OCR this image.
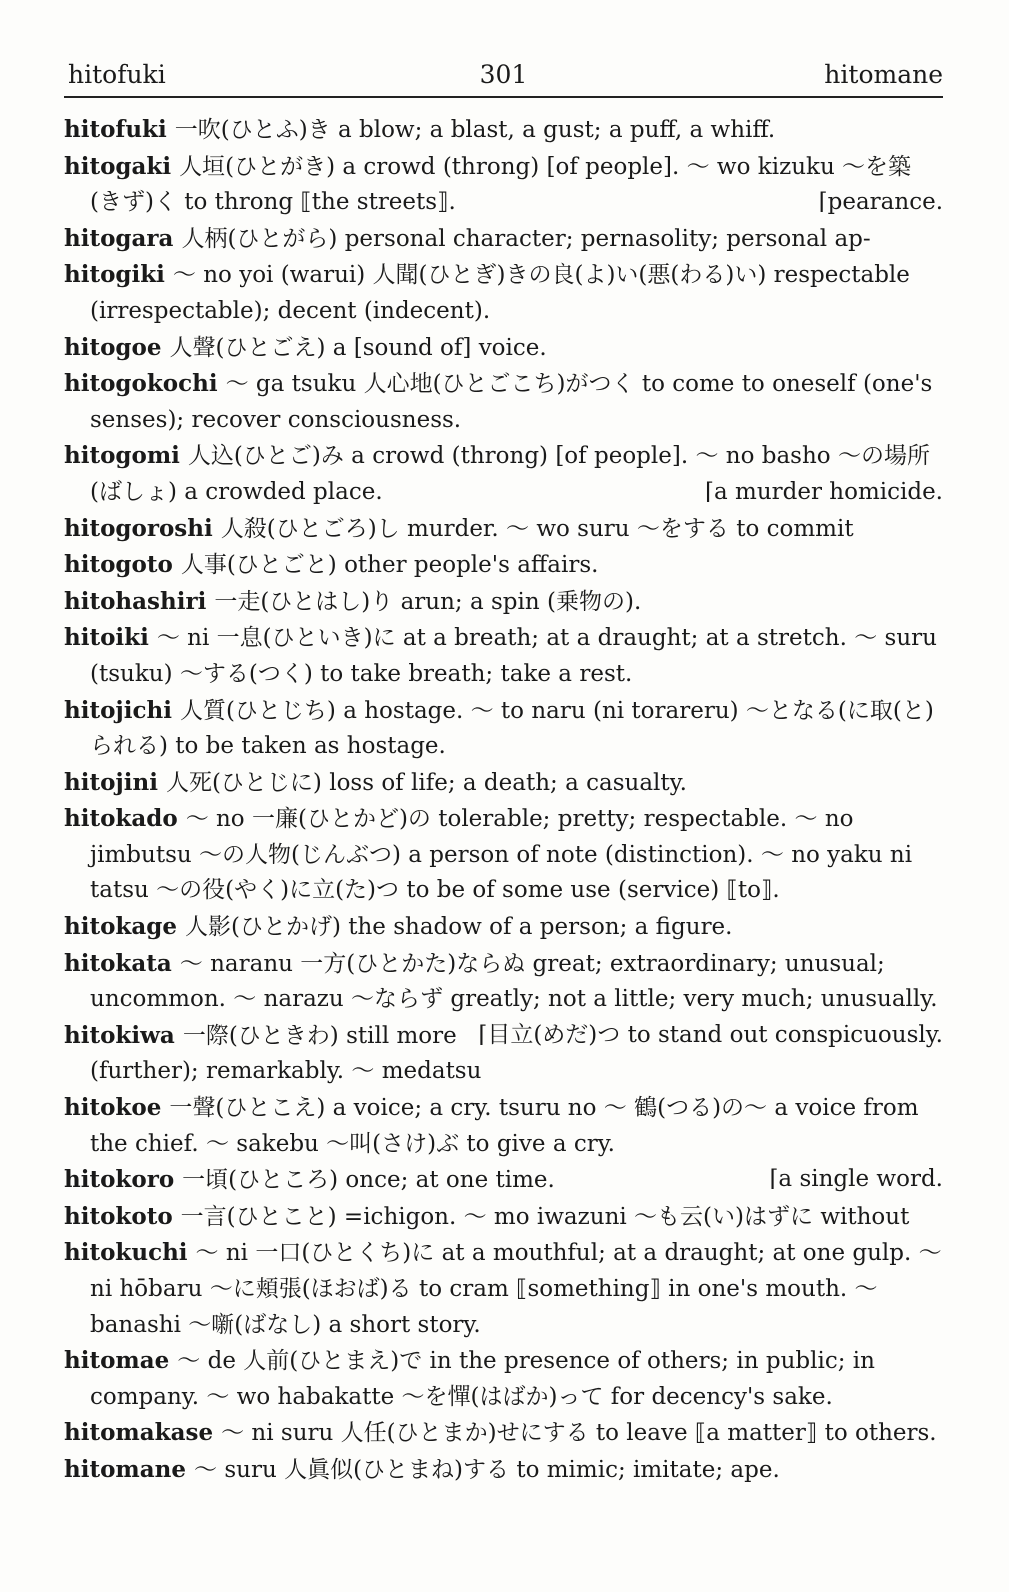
hitofuki	301	hitomane
hitofuki 一吹(ひとふ)き a blow; a blast, a gust; a puff, a whiff.
hitogaki 人垣(ひとがき) a crowd (throng) [of people]. ～ wo kizuku ～を築(きず)く to throng ⟦the streets⟧.	⌈pearance.
hitogara 人柄(ひとがら) personal character; pernasolity; personal ap-
hitogiki ～ no yoi (warui) 人聞(ひとぎ)きの良(よ)い(悪(わる)い) respectable (irrespectable); decent (indecent).
hitogoe 人聲(ひとごえ) a [sound of] voice.
hitogokochi ～ ga tsuku 人心地(ひとごこち)がつく to come to oneself (one's senses); recover consciousness.
hitogomi 人込(ひとご)み a crowd (throng) [of people]. ～ no basho ～の場所(ばしょ) a crowded place.	⌈a murder homicide.
hitogoroshi 人殺(ひとごろ)し murder. ～ wo suru ～をする to commit
hitogoto 人事(ひとごと) other people's affairs.
hitohashiri 一走(ひとはし)り arun; a spin (乗物の).
hitoiki ～ ni 一息(ひといき)に at a breath; at a draught; at a stretch. ～ suru (tsuku) ～する(つく) to take breath; take a rest.
hitojichi 人質(ひとじち) a hostage. ～ to naru (ni torareru) ～となる(に取(と)られる) to be taken as hostage.
hitojini 人死(ひとじに) loss of life; a death; a casualty.
hitokado ～ no 一廉(ひとかど)の tolerable; pretty; respectable. ～ no jimbutsu ～の人物(じんぶつ) a person of note (distinction). ～ no yaku ni tatsu ～の役(やく)に立(た)つ to be of some use (service) ⟦to⟧.
hitokage 人影(ひとかげ) the shadow of a person; a figure.
hitokata ～ naranu 一方(ひとかた)ならぬ great; extraordinary; unusual; uncommon. ～ narazu ～ならず greatly; not a little; very much; unusually.
⌈目立(めだ)つ to stand out conspicuously.
hitokiwa 一際(ひときわ) still more (further); remarkably. ～ medatsu
hitokoe 一聲(ひとこえ) a voice; a cry. tsuru no ～ 鶴(つる)の～ a voice from the chief. ～ sakebu ～叫(さけ)ぶ to give a cry.
hitokoro 一頃(ひところ) once; at one time.	⌈a single word.
hitokoto 一言(ひとこと) =ichigon. ～ mo iwazuni ～も云(い)はずに without
hitokuchi ～ ni 一口(ひとくち)に at a mouthful; at a draught; at one gulp. ～ ni hōbaru ～に頬張(ほおば)る to cram ⟦something⟧ in one's mouth. ～ banashi ～噺(ばなし) a short story.
hitomae ～ de 人前(ひとまえ)で in the presence of others; in public; in company. ～ wo habakatte ～を憚(はばか)って for decency's sake.
hitomakase ～ ni suru 人任(ひとまか)せにする to leave ⟦a matter⟧ to others.
hitomane ～ suru 人眞似(ひとまね)する to mimic; imitate; ape.
